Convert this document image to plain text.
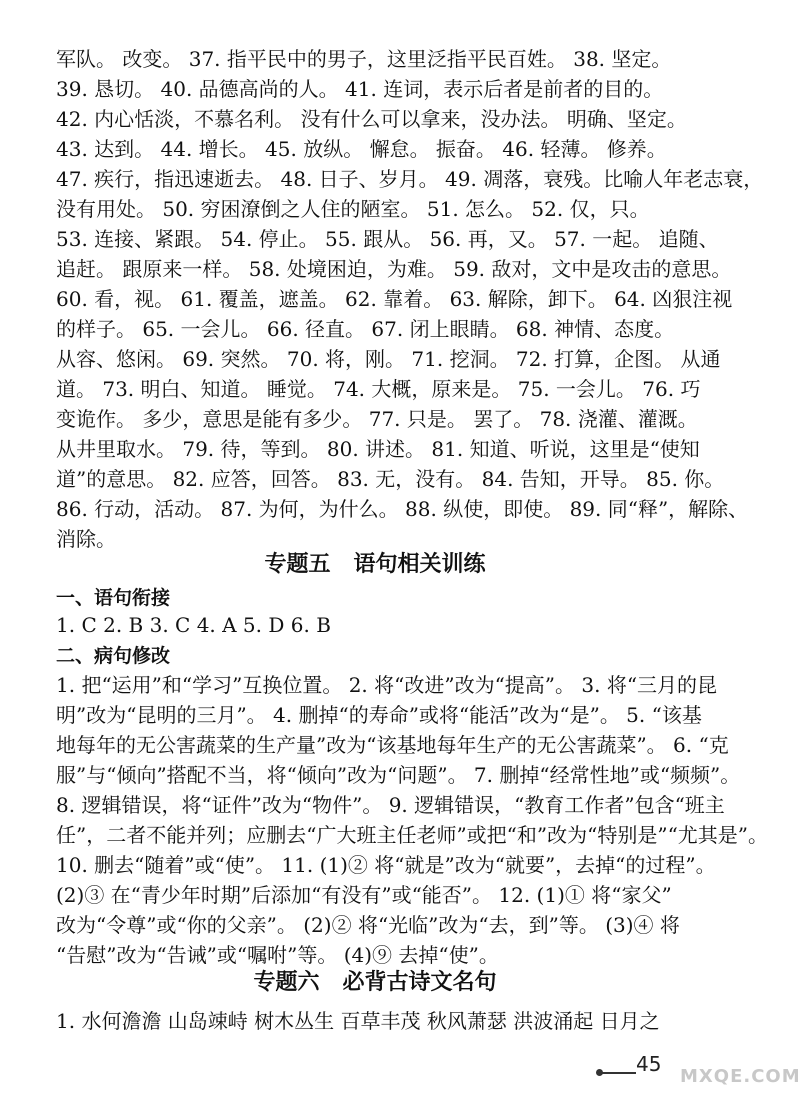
军队。 改变。 37. 指平民中的男子，这里泛指平民百姓。 38. 坚定。
39. 恳切。 40. 品德高尚的人。 41. 连词，表示后者是前者的目的。
42. 内心恬淡，不慕名利。 没有什么可以拿来，没办法。 明确、坚定。
43. 达到。 44. 增长。 45. 放纵。 懈怠。 振奋。 46. 轻薄。 修养。
47. 疾行，指迅速逝去。 48. 日子、岁月。 49. 凋落，衰残。比喻人年老志衰，
没有用处。 50. 穷困潦倒之人住的陋室。 51. 怎么。 52. 仅，只。
53. 连接、紧跟。 54. 停止。 55. 跟从。 56. 再，又。 57. 一起。 追随、
追赶。 跟原来一样。 58. 处境困迫，为难。 59. 敌对，文中是攻击的意思。
60. 看，视。 61. 覆盖，遮盖。 62. 靠着。 63. 解除，卸下。 64. 凶狠注视
的样子。 65. 一会儿。 66. 径直。 67. 闭上眼睛。 68. 神情、态度。
从容、悠闲。 69. 突然。 70. 将，刚。 71. 挖洞。 72. 打算，企图。 从通
道。 73. 明白、知道。 睡觉。 74. 大概，原来是。 75. 一会儿。 76. 巧
变诡作。 多少，意思是能有多少。 77. 只是。 罢了。 78. 浇灌、灌溉。
从井里取水。 79. 待，等到。 80. 讲述。 81. 知道、听说，这里是“使知
道”的意思。 82. 应答，回答。 83. 无，没有。 84. 告知，开导。 85. 你。
86. 行动，活动。 87. 为何，为什么。 88. 纵使，即使。 89. 同“释”，解除、
消除。
专题五   语句相关训练
一、语句衔接
1. C 2. B 3. C 4. A 5. D 6. B
二、病句修改
1. 把“运用”和“学习”互换位置。 2. 将“改进”改为“提高”。 3. 将“三月的昆
明”改为“昆明的三月”。 4. 删掉“的寿命”或将“能活”改为“是”。 5. “该基
地每年的无公害蔬菜的生产量”改为“该基地每年生产的无公害蔬菜”。 6. “克
服”与“倾向”搭配不当，将“倾向”改为“问题”。 7. 删掉“经常性地”或“频频”。
8. 逻辑错误，将“证件”改为“物件”。 9. 逻辑错误，“教育工作者”包含“班主
任”，二者不能并列；应删去“广大班主任老师”或把“和”改为“特别是”“尤其是”。
10. 删去“随着”或“使”。 11. (1)② 将“就是”改为“就要”，去掉“的过程”。
(2)③ 在“青少年时期”后添加“有没有”或“能否”。 12. (1)① 将“家父”
改为“令尊”或“你的父亲”。 (2)② 将“光临”改为“去，到”等。 (3)④ 将
“告慰”改为“告诫”或“嘱咐”等。 (4)⑨ 去掉“使”。
专题六   必背古诗文名句
1. 水何澹澹 山岛竦峙 树木丛生 百草丰茂 秋风萧瑟 洪波涌起 日月之
45
MXQE.COM
